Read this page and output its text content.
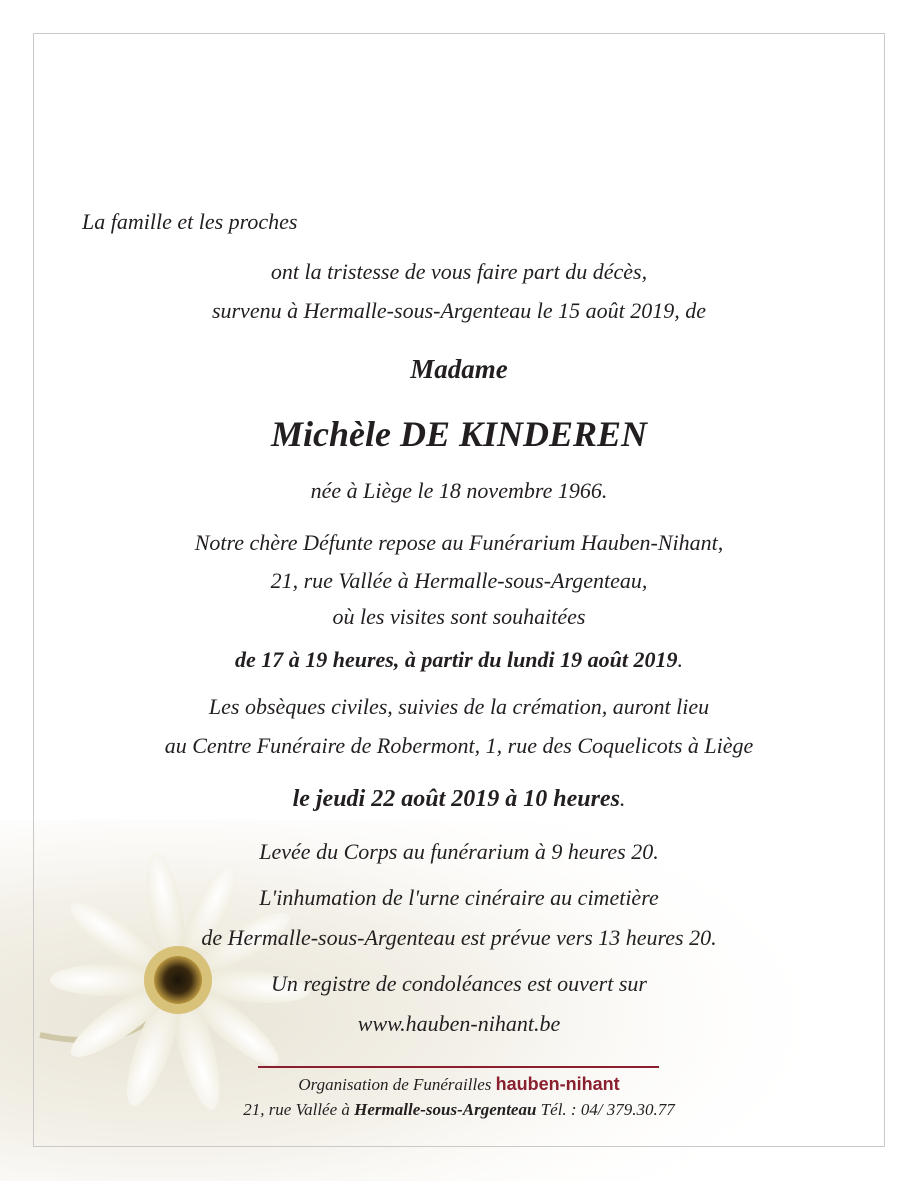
La famille et les proches
ont la tristesse de vous faire part du décès,
survenu à Hermalle-sous-Argenteau le 15 août 2019, de
Madame
Michèle DE KINDEREN
née à Liège le 18 novembre 1966.
Notre chère Défunte repose au Funérarium Hauben-Nihant,
21, rue Vallée à Hermalle-sous-Argenteau,
où les visites sont souhaitées
de 17 à 19 heures, à partir du lundi 19 août 2019.
Les obsèques civiles, suivies de la crémation, auront lieu
au Centre Funéraire de Robermont, 1, rue des Coquelicots à Liège
le jeudi 22 août 2019 à 10 heures.
Levée du Corps au funérarium à 9 heures 20.
L'inhumation de l'urne cinéraire au cimetière
de Hermalle-sous-Argenteau est prévue vers 13 heures 20.
Un registre de condoléances est ouvert sur
www.hauben-nihant.be
Organisation de Funérailles hauben-nihant
21, rue Vallée à Hermalle-sous-Argenteau Tél. : 04/ 379.30.77
